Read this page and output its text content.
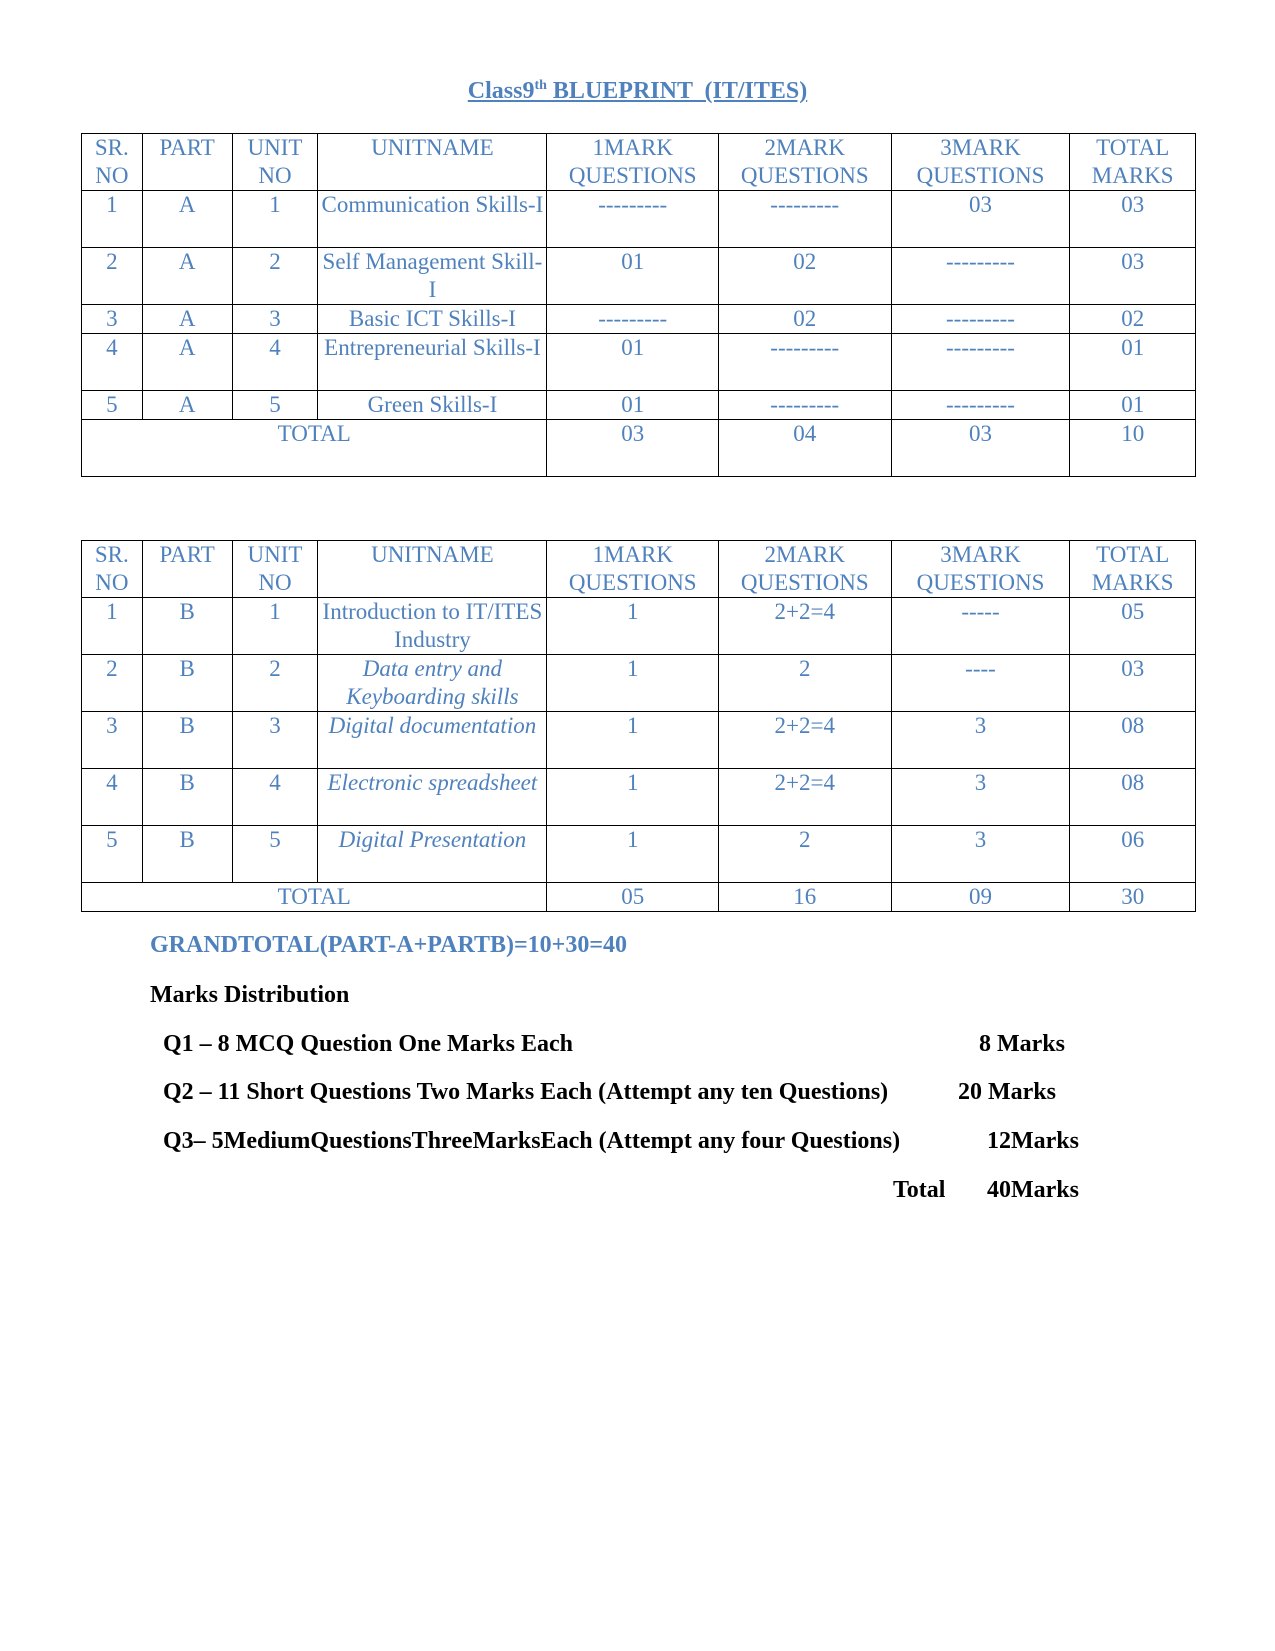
Class9th BLUEPRINT  (IT/ITES)
SR. NO	PART	UNIT NO	UNITNAME	1MARK QUESTIONS	2MARK QUESTIONS	3MARK QUESTIONS	TOTAL MARKS
1	A	1	Communication Skills-I	---------	---------	03	03
2	A	2	Self Management Skill-I	01	02	---------	03
3	A	3	Basic ICT Skills-I	---------	02	---------	02
4	A	4	Entrepreneurial Skills-I	01	---------	---------	01
5	A	5	Green Skills-I	01	---------	---------	01
TOTAL				03	04	03	10
SR. NO	PART	UNIT NO	UNITNAME	1MARK QUESTIONS	2MARK QUESTIONS	3MARK QUESTIONS	TOTAL MARKS
1	B	1	Introduction to IT/ITES Industry	1	2+2=4	-----	05
2	B	2	Data entry and Keyboarding skills	1	2	----	03
3	B	3	Digital documentation	1	2+2=4	3	08
4	B	4	Electronic spreadsheet	1	2+2=4	3	08
5	B	5	Digital Presentation	1	2	3	06
TOTAL				05	16	09	30
GRANDTOTAL(PART-A+PARTB)=10+30=40
Marks Distribution
Q1 – 8 MCQ Question One Marks Each	8 Marks
Q2 – 11 Short Questions Two Marks Each (Attempt any ten Questions)	20 Marks
Q3– 5MediumQuestionsThreeMarksEach (Attempt any four Questions)	12Marks
Total 40Marks
